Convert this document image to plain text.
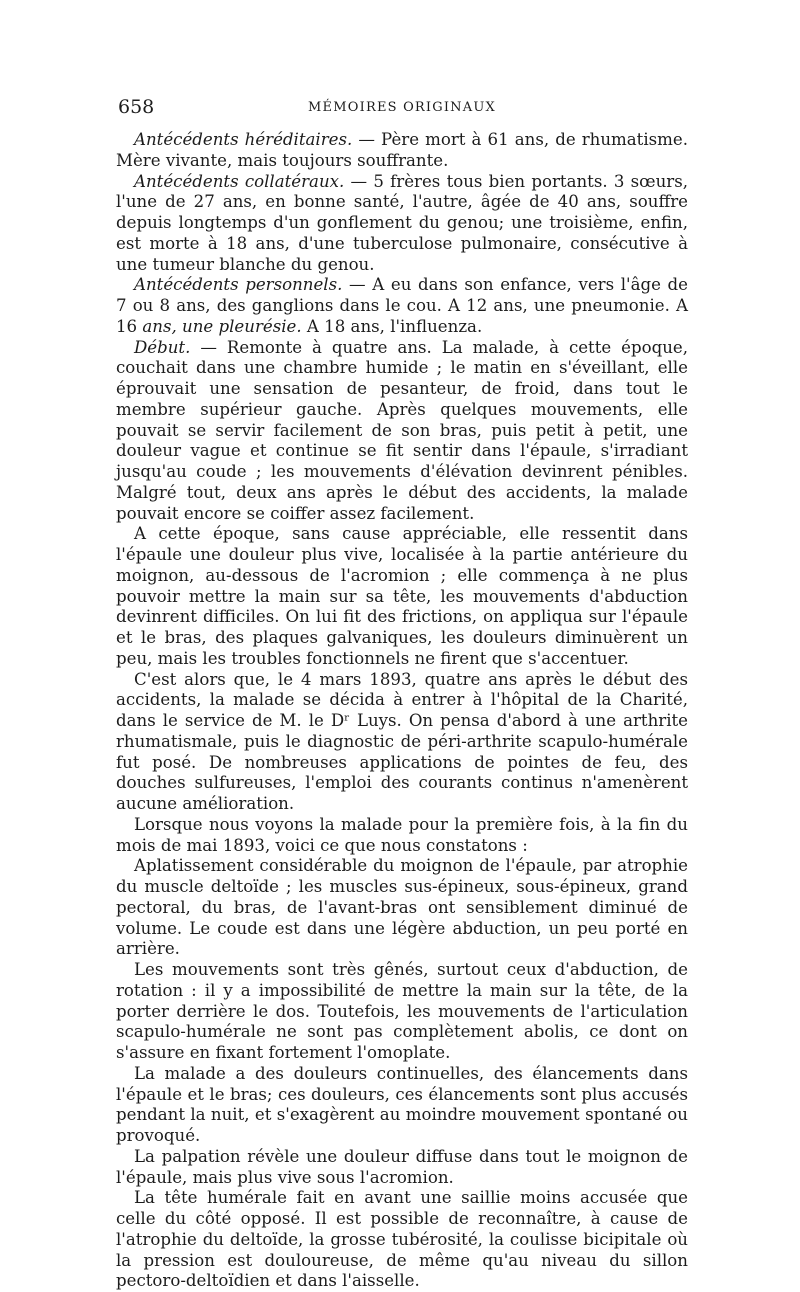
658	MÉMOIRES ORIGINAUX

Antécédents héréditaires. — Père mort à 61 ans, de rhumatisme. Mère vivante, mais toujours souffrante.

Antécédents collatéraux. — 5 frères tous bien portants. 3 sœurs, l'une de 27 ans, en bonne santé, l'autre, âgée de 40 ans, souffre depuis longtemps d'un gonflement du genou; une troisième, enfin, est morte à 18 ans, d'une tuberculose pulmonaire, consécutive à une tumeur blanche du genou.

Antécédents personnels. — A eu dans son enfance, vers l'âge de 7 ou 8 ans, des ganglions dans le cou. A 12 ans, une pneumonie. A 16 ans, une pleurésie. A 18 ans, l'influenza.

Début. — Remonte à quatre ans. La malade, à cette époque, couchait dans une chambre humide ; le matin en s'éveillant, elle éprouvait une sensation de pesanteur, de froid, dans tout le membre supérieur gauche. Après quelques mouvements, elle pouvait se servir facilement de son bras, puis petit à petit, une douleur vague et continue se fit sentir dans l'épaule, s'irradiant jusqu'au coude ; les mouvements d'élévation devinrent pénibles. Malgré tout, deux ans après le début des accidents, la malade pouvait encore se coiffer assez facilement.

A cette époque, sans cause appréciable, elle ressentit dans l'épaule une douleur plus vive, localisée à la partie antérieure du moignon, au-dessous de l'acromion ; elle commença à ne plus pouvoir mettre la main sur sa tête, les mouvements d'abduction devinrent difficiles. On lui fit des frictions, on appliqua sur l'épaule et le bras, des plaques galvaniques, les douleurs diminuèrent un peu, mais les troubles fonctionnels ne firent que s'accentuer.

C'est alors que, le 4 mars 1893, quatre ans après le début des accidents, la malade se décida à entrer à l'hôpital de la Charité, dans le service de M. le Dʳ Luys. On pensa d'abord à une arthrite rhumatismale, puis le diagnostic de péri-arthrite scapulo-humérale fut posé. De nombreuses applications de pointes de feu, des douches sulfureuses, l'emploi des courants continus n'amenèrent aucune amélioration.

Lorsque nous voyons la malade pour la première fois, à la fin du mois de mai 1893, voici ce que nous constatons :

Aplatissement considérable du moignon de l'épaule, par atrophie du muscle deltoïde ; les muscles sus-épineux, sous-épineux, grand pectoral, du bras, de l'avant-bras ont sensiblement diminué de volume. Le coude est dans une légère abduction, un peu porté en arrière.

Les mouvements sont très gênés, surtout ceux d'abduction, de rotation : il y a impossibilité de mettre la main sur la tête, de la porter derrière le dos. Toutefois, les mouvements de l'articulation scapulo-humérale ne sont pas complètement abolis, ce dont on s'assure en fixant fortement l'omoplate.

La malade a des douleurs continuelles, des élancements dans l'épaule et le bras; ces douleurs, ces élancements sont plus accusés pendant la nuit, et s'exagèrent au moindre mouvement spontané ou provoqué.

La palpation révèle une douleur diffuse dans tout le moignon de l'épaule, mais plus vive sous l'acromion.

La tête humérale fait en avant une saillie moins accusée que celle du côté opposé. Il est possible de reconnaître, à cause de l'atrophie du deltoïde, la grosse tubérosité, la coulisse bicipitale où la pression est douloureuse, de même qu'au niveau du sillon pectoro-deltoïdien et dans l'aisselle.
